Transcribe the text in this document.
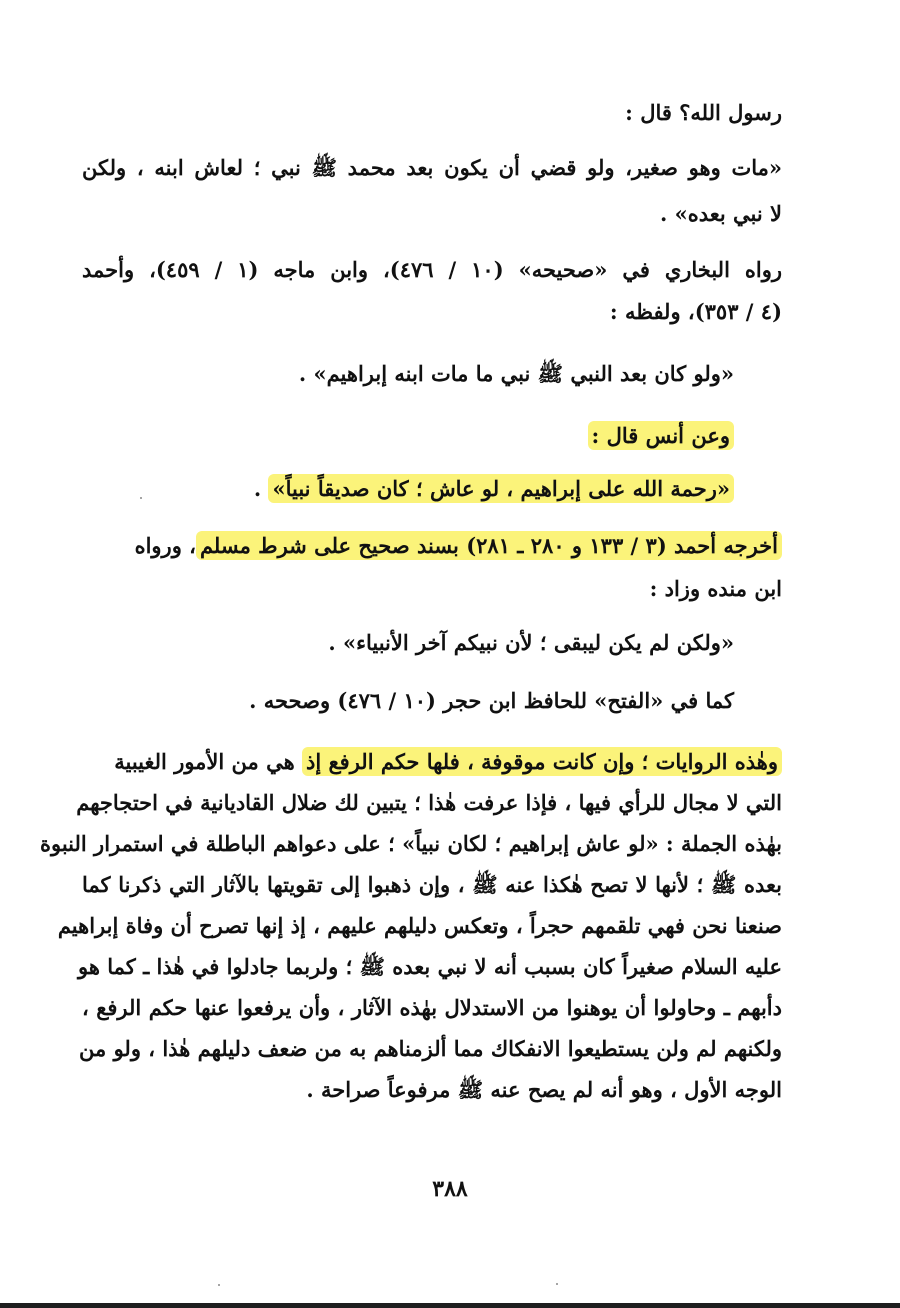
رسول الله؟ قال :
«مات وهو صغير، ولو قضي أن يكون بعد محمد ﷺ نبي ؛ لعاش ابنه ، ولكن
لا نبي بعده» .
رواه البخاري في «صحيحه» (١٠ / ٤٧٦)، وابن ماجه (١ / ٤٥٩)، وأحمد
(٤ / ٣٥٣)، ولفظه :
«ولو كان بعد النبي ﷺ نبي ما مات ابنه إبراهيم» .
وعن أنس قال :
«رحمة الله على إبراهيم ، لو عاش ؛ كان صديقاً نبياً» .
أخرجه أحمد (٣ / ١٣٣ و ٢٨٠ ـ ٢٨١) بسند صحيح على شرط مسلم، ورواه
ابن منده وزاد :
«ولكن لم يكن ليبقى ؛ لأن نبيكم آخر الأنبياء» .
كما في «الفتح» للحافظ ابن حجر (١٠ / ٤٧٦) وصححه .
وهٰذه الروايات ؛ وإن كانت موقوفة ، فلها حكم الرفع إذ هي من الأمور الغيبية
التي لا مجال للرأي فيها ، فإذا عرفت هٰذا ؛ يتبين لك ضلال القاديانية في احتجاجهم
بهٰذه الجملة : «لو عاش إبراهيم ؛ لكان نبياً» ؛ على دعواهم الباطلة في استمرار النبوة
بعده ﷺ ؛ لأنها لا تصح هٰكذا عنه ﷺ ، وإن ذهبوا إلى تقويتها بالآثار التي ذكرنا كما
صنعنا نحن فهي تلقمهم حجراً ، وتعكس دليلهم عليهم ، إذ إنها تصرح أن وفاة إبراهيم
عليه السلام صغيراً كان بسبب أنه لا نبي بعده ﷺ ؛ ولربما جادلوا في هٰذا ـ كما هو
دأبهم ـ وحاولوا أن يوهنوا من الاستدلال بهٰذه الآثار ، وأن يرفعوا عنها حكم الرفع ،
ولكنهم لم ولن يستطيعوا الانفكاك مما ألزمناهم به من ضعف دليلهم هٰذا ، ولو من
الوجه الأول ، وهو أنه لم يصح عنه ﷺ مرفوعاً صراحة .
٣٨٨
